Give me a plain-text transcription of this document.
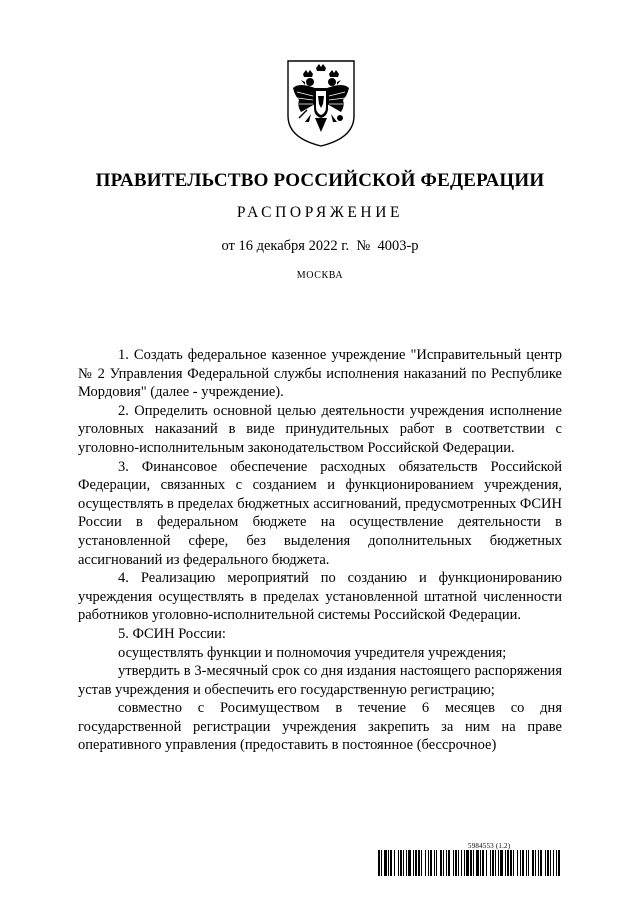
ПРАВИТЕЛЬСТВО РОССИЙСКОЙ ФЕДЕРАЦИИ
РАСПОРЯЖЕНИЕ
от 16 декабря 2022 г.  №  4003-р
МОСКВА

1. Создать федеральное казенное учреждение "Исправительный центр № 2 Управления Федеральной службы исполнения наказаний по Республике Мордовия" (далее - учреждение).

2. Определить основной целью деятельности учреждения исполнение уголовных наказаний в виде принудительных работ в соответствии с уголовно-исполнительным законодательством Российской Федерации.

3. Финансовое обеспечение расходных обязательств Российской Федерации, связанных с созданием и функционированием учреждения, осуществлять в пределах бюджетных ассигнований, предусмотренных ФСИН России в федеральном бюджете на осуществление деятельности в установленной сфере, без выделения дополнительных бюджетных ассигнований из федерального бюджета.

4. Реализацию мероприятий по созданию и функционированию учреждения осуществлять в пределах установленной штатной численности работников уголовно-исполнительной системы Российской Федерации.

5. ФСИН России:

осуществлять функции и полномочия учредителя учреждения;

утвердить в 3-месячный срок со дня издания настоящего распоряжения устав учреждения и обеспечить его государственную регистрацию;

совместно с Росимуществом в течение 6 месяцев со дня государственной регистрации учреждения закрепить за ним на праве оперативного управления (предоставить в постоянное (бессрочное)

5984553 (1.2)
